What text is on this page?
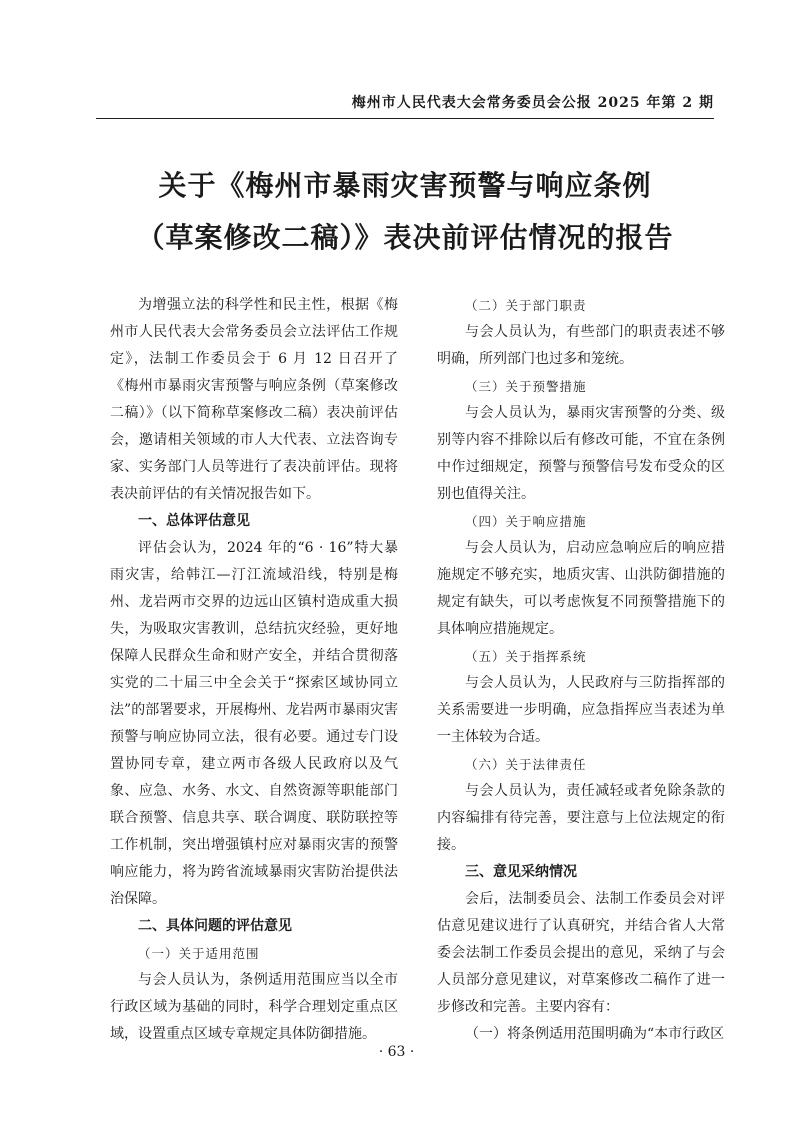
梅州市人民代表大会常务委员会公报 2025 年第 2 期
关于《梅州市暴雨灾害预警与响应条例
（草案修改二稿）》表决前评估情况的报告

为增强立法的科学性和民主性，根据《梅州市人民代表大会常务委员会立法评估工作规定》，法制工作委员会于 6 月 12 日召开了《梅州市暴雨灾害预警与响应条例（草案修改二稿）》（以下简称草案修改二稿）表决前评估会，邀请相关领域的市人大代表、立法咨询专家、实务部门人员等进行了表决前评估。现将表决前评估的有关情况报告如下。

一、总体评估意见

评估会认为，2024 年的“6 · 16”特大暴雨灾害，给韩江—汀江流域沿线，特别是梅州、龙岩两市交界的边远山区镇村造成重大损失，为吸取灾害教训，总结抗灾经验，更好地保障人民群众生命和财产安全，并结合贯彻落实党的二十届三中全会关于“探索区域协同立法”的部署要求，开展梅州、龙岩两市暴雨灾害预警与响应协同立法，很有必要。通过专门设置协同专章，建立两市各级人民政府以及气象、应急、水务、水文、自然资源等职能部门联合预警、信息共享、联合调度、联防联控等工作机制，突出增强镇村应对暴雨灾害的预警响应能力，将为跨省流域暴雨灾害防治提供法治保障。

二、具体问题的评估意见

（一）关于适用范围

与会人员认为，条例适用范围应当以全市行政区域为基础的同时，科学合理划定重点区域，设置重点区域专章规定具体防御措施。

（二）关于部门职责

与会人员认为，有些部门的职责表述不够明确，所列部门也过多和笼统。

（三）关于预警措施

与会人员认为，暴雨灾害预警的分类、级别等内容不排除以后有修改可能，不宜在条例中作过细规定，预警与预警信号发布受众的区别也值得关注。

（四）关于响应措施

与会人员认为，启动应急响应后的响应措施规定不够充实，地质灾害、山洪防御措施的规定有缺失，可以考虑恢复不同预警措施下的具体响应措施规定。

（五）关于指挥系统

与会人员认为，人民政府与三防指挥部的关系需要进一步明确，应急指挥应当表述为单一主体较为合适。

（六）关于法律责任

与会人员认为，责任减轻或者免除条款的内容编排有待完善，要注意与上位法规定的衔接。

三、意见采纳情况

会后，法制委员会、法制工作委员会对评估意见建议进行了认真研究，并结合省人大常委会法制工作委员会提出的意见，采纳了与会人员部分意见建议，对草案修改二稿作了进一步修改和完善。主要内容有：

（一）将条例适用范围明确为“本市行政区

· 63 ·
